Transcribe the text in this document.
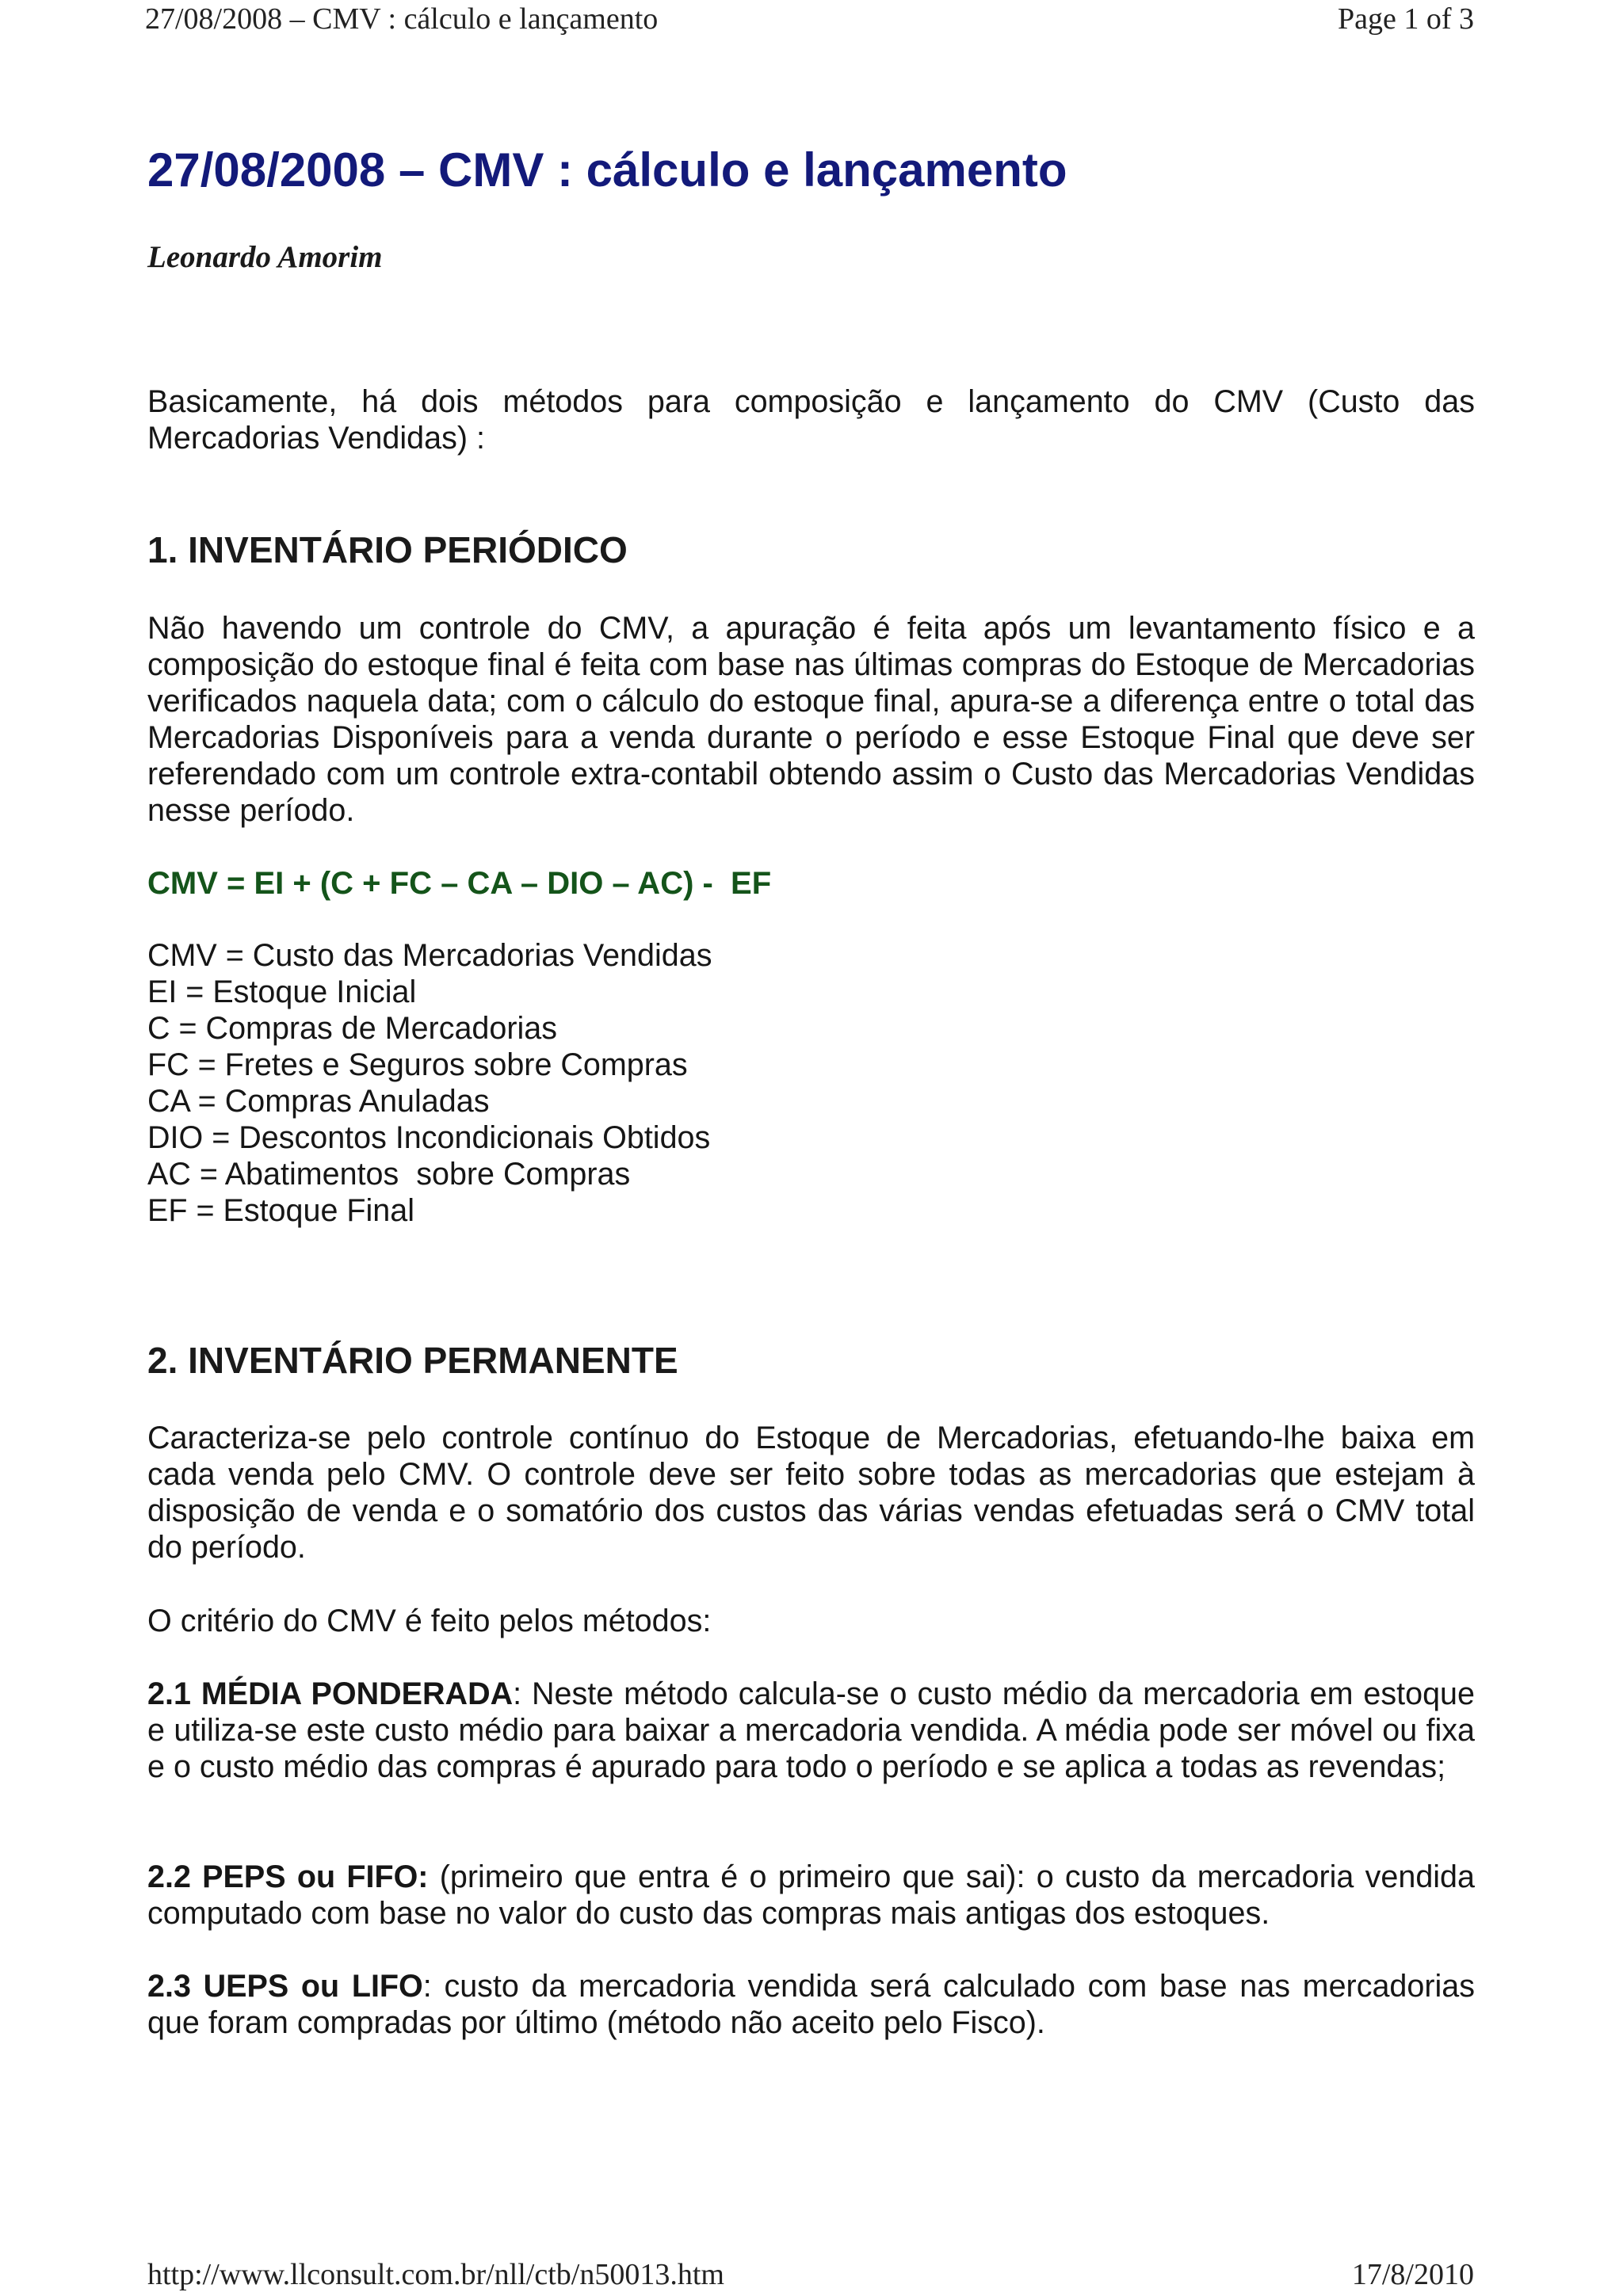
27/08/2008 – CMV : cálculo e lançamento	Page 1 of 3
27/08/2008 – CMV : cálculo e lançamento
Leonardo Amorim
Basicamente, há dois métodos para composição e lançamento do CMV (Custo das Mercadorias Vendidas) :
1. INVENTÁRIO PERIÓDICO
Não havendo um controle do CMV, a apuração é feita após um levantamento físico e a composição do estoque final é feita com base nas últimas compras do Estoque de Mercadorias verificados naquela data; com o cálculo do estoque final, apura-se a diferença entre o total das Mercadorias Disponíveis para a venda durante o período e esse Estoque Final que deve ser referendado com um controle extra-contabil obtendo assim o Custo das Mercadorias Vendidas nesse período.
CMV = EI + (C + FC – CA – DIO – AC) -  EF
CMV = Custo das Mercadorias Vendidas
EI = Estoque Inicial
C = Compras de Mercadorias
FC = Fretes e Seguros sobre Compras
CA = Compras Anuladas
DIO = Descontos Incondicionais Obtidos
AC = Abatimentos  sobre Compras
EF = Estoque Final
2. INVENTÁRIO PERMANENTE
Caracteriza-se pelo controle contínuo do Estoque de Mercadorias, efetuando-lhe baixa em cada venda pelo CMV. O controle deve ser feito sobre todas as mercadorias que estejam à disposição de venda e o somatório dos custos das várias vendas efetuadas será o CMV total do período.
O critério do CMV é feito pelos métodos:
2.1 MÉDIA PONDERADA: Neste método calcula-se o custo médio da mercadoria em estoque e utiliza-se este custo médio para baixar a mercadoria vendida. A média pode ser móvel ou fixa e o custo médio das compras é apurado para todo o período e se aplica a todas as revendas;
2.2 PEPS ou FIFO: (primeiro que entra é o primeiro que sai): o custo da mercadoria vendida computado com base no valor do custo das compras mais antigas dos estoques.
2.3 UEPS ou LIFO: custo da mercadoria vendida será calculado com base nas mercadorias que foram compradas por último (método não aceito pelo Fisco).
http://www.llconsult.com.br/nll/ctb/n50013.htm	17/8/2010
